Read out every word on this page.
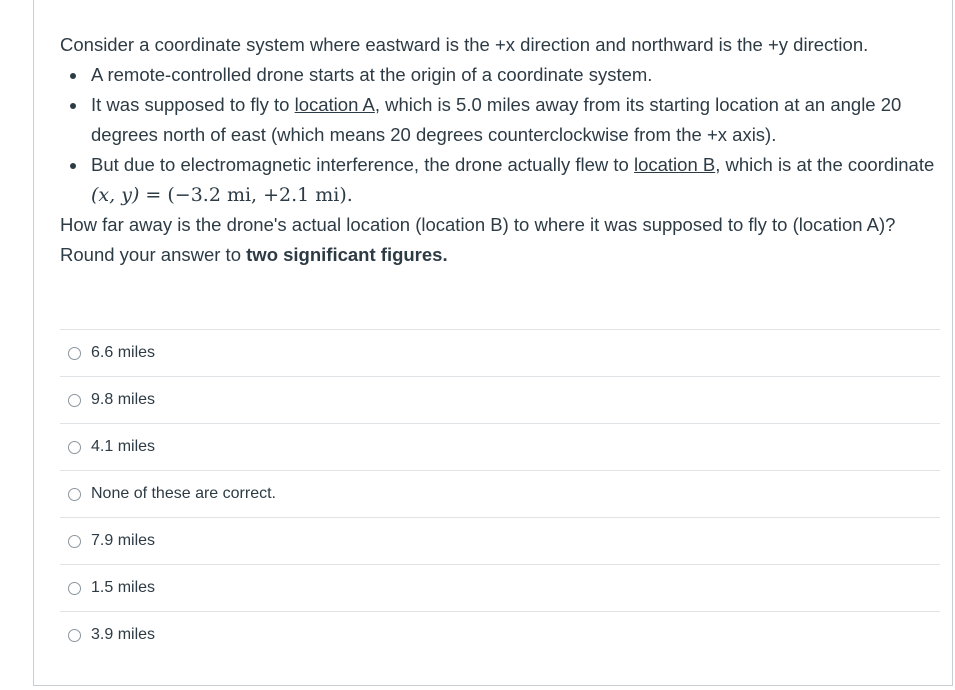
Consider a coordinate system where eastward is the +x direction and northward is the +y direction.

A remote-controlled drone starts at the origin of a coordinate system.
It was supposed to fly to location A, which is 5.0 miles away from its starting location at an angle 20 degrees north of east (which means 20 degrees counterclockwise from the +x axis).
But due to electromagnetic interference, the drone actually flew to location B, which is at the coordinate (x, y) = (−3.2 mi, +2.1 mi).

How far away is the drone's actual location (location B) to where it was supposed to fly to (location A)? Round your answer to two significant figures.

6.6 miles
9.8 miles
4.1 miles
None of these are correct.
7.9 miles
1.5 miles
3.9 miles
